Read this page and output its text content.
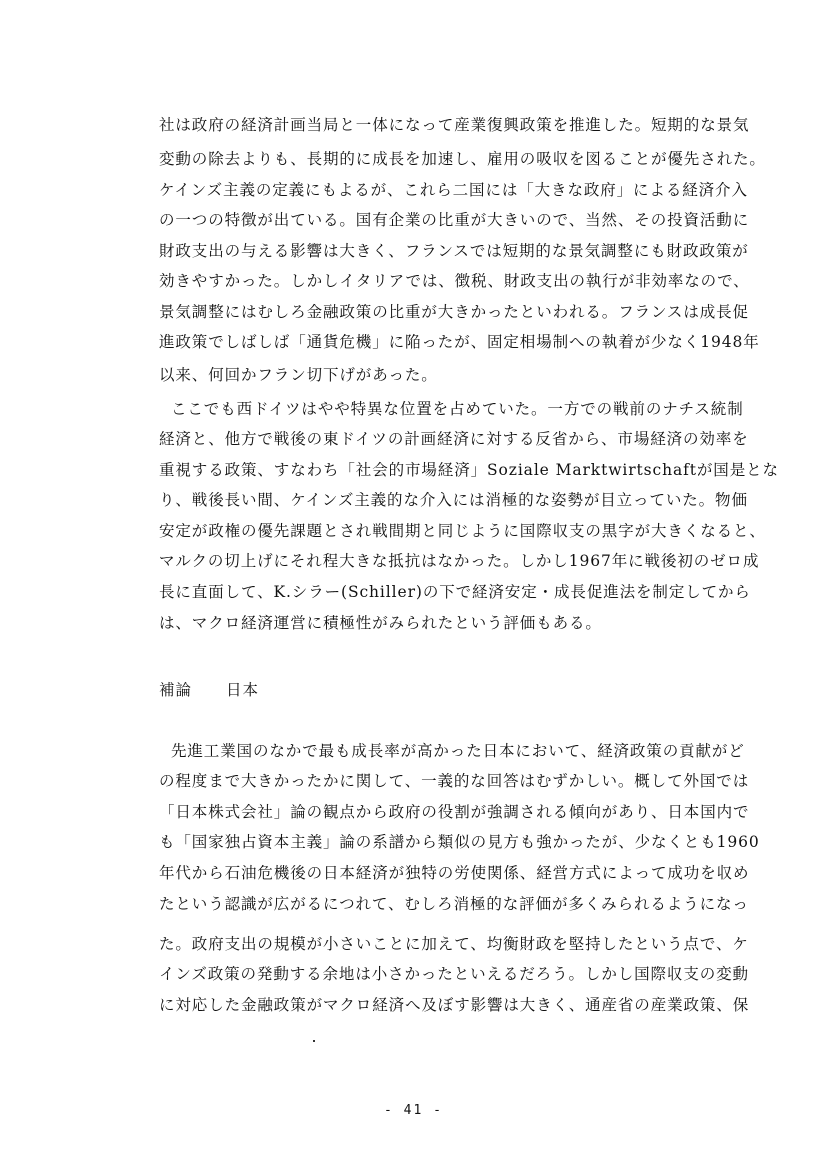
社は政府の経済計画当局と一体になって産業復興政策を推進した。短期的な景気
変動の除去よりも、長期的に成長を加速し、雇用の吸収を図ることが優先された。
ケインズ主義の定義にもよるが、これら二国には「大きな政府」による経済介入
の一つの特徴が出ている。国有企業の比重が大きいので、当然、その投資活動に
財政支出の与える影響は大きく、フランスでは短期的な景気調整にも財政政策が
効きやすかった。しかしイタリアでは、徴税、財政支出の執行が非効率なので、
景気調整にはむしろ金融政策の比重が大きかったといわれる。フランスは成長促
進政策でしばしば「通貨危機」に陥ったが、固定相場制への執着が少なく1948年
以来、何回かフラン切下げがあった。
ここでも西ドイツはやや特異な位置を占めていた。一方での戦前のナチス統制
経済と、他方で戦後の東ドイツの計画経済に対する反省から、市場経済の効率を
重視する政策、すなわち「社会的市場経済」Soziale Marktwirtschaftが国是とな
り、戦後長い間、ケインズ主義的な介入には消極的な姿勢が目立っていた。物価
安定が政権の優先課題とされ戦間期と同じように国際収支の黒字が大きくなると、
マルクの切上げにそれ程大きな抵抗はなかった。しかし1967年に戦後初のゼロ成
長に直面して、K.シラー(Schiller)の下で経済安定・成長促進法を制定してから
は、マクロ経済運営に積極性がみられたという評価もある。
補論 日本
先進工業国のなかで最も成長率が高かった日本において、経済政策の貢献がど
の程度まで大きかったかに関して、一義的な回答はむずかしい。概して外国では
「日本株式会社」論の観点から政府の役割が強調される傾向があり、日本国内で
も「国家独占資本主義」論の系譜から類似の見方も強かったが、少なくとも1960
年代から石油危機後の日本経済が独特の労使関係、経営方式によって成功を収め
たという認識が広がるにつれて、むしろ消極的な評価が多くみられるようになっ
た。政府支出の規模が小さいことに加えて、均衡財政を堅持したという点で、ケ
インズ政策の発動する余地は小さかったといえるだろう。しかし国際収支の変動
に対応した金融政策がマクロ経済へ及ぼす影響は大きく、通産省の産業政策、保
- 41 -
